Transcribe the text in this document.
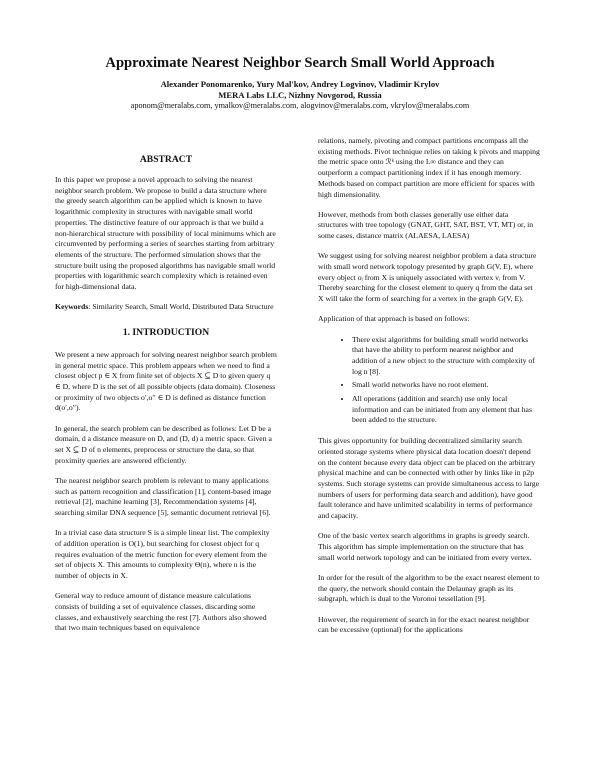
Approximate Nearest Neighbor Search Small World Approach
Alexander Ponomarenko, Yury Mal'kov, Andrey Logvinov, Vladimir Krylov
MERA Labs LLC, Nizhny Novgorod, Russia
aponom@meralabs.com, ymalkov@meralabs.com, alogvinov@meralabs.com, vkrylov@meralabs.com
ABSTRACT

In this paper we propose a novel approach to solving the nearest neighbor search problem. We propose to build a data structure where the greedy search algorithm can be applied which is known to have logarithmic complexity in structures with navigable small world properties. The distinctive feature of our approach is that we build a non-hierarchical structure with possibility of local minimums which are circumvented by performing a series of searches starting from arbitrary elements of the structure. The performed simulation shows that the structure built using the proposed algorithms has navigable small world properties with logarithmic search complexity which is retained even for high-dimensional data.

Keywords: Similarity Search, Small World, Distributed Data Structure

1. INTRODUCTION

We present a new approach for solving nearest neighbor search problem in general metric space. This problem appears when we need to find a closest object p ∈ X from finite set of objects X ⊆ D to given query q ∈ D, where D is the set of all possible objects (data domain). Closeness or proximity of two objects o′,o′′ ∈ D is defined as distance function d(o′,o′′).

In general, the search problem can be described as follows: Let D be a domain, d a distance measure on D, and (D, d) a metric space. Given a set X ⊆ D of n elements, preprocess or structure the data, so that proximity queries are answered efficiently.

The nearest neighbor search problem is relevant to many applications such as pattern recognition and classification [1], content-based image retrieval [2], machine learning [3], Recommendation systems [4], searching similar DNA sequence [5], semantic document retrieval [6].

In a trivial case data structure S is a simple linear list. The complexity of addition operation is O(1), but searching for closest object for q requires evaluation of the metric function for every element from the set of objects X. This amounts to complexity Θ(n), where n is the number of objects in X.

General way to reduce amount of distance measure calculations consists of building a set of equivalence classes, discarding some classes, and exhaustively searching the rest [7]. Authors also showed that two main techniques based on equivalence

relations, namely, pivoting and compact partitions encompass all the existing methods. Pivot technique relies on taking k pivots and mapping the metric space onto ℛᵏ using the L∞ distance and they can outperform a compact partitioning index if it has enough memory. Methods based on compact partition are more efficient for spaces with high dimensionality.

However, methods from both classes generally use either data structures with tree topology (GNAT, GHT, SAT, BST, VT, MT) or, in some cases, distance matrix (ALAESA, LAESA)

We suggest using for solving nearest neighbor problem a data structure with small word network topology presented by graph G(V, E), where every object oᵢ from X is uniquely associated with vertex vᵢ from V. Thereby searching for the closest element to query q from the data set X will take the form of searching for a vertex in the graph G(V, E).

Application of that approach is based on follows:

• There exist algorithms for building small world networks that have the ability to perform nearest neighbor and addition of a new object to the structure with complexity of log n [8].
• Small world networks have no root element.
• All operations (addition and search) use only local information and can be initiated from any element that has been added to the structure.

This gives opportunity for building decentralized similarity search oriented storage systems where physical data location doesn't depend on the content because every data object can be placed on the arbitrary physical machine and can be connected with other by links like in p2p systems. Such storage systems can provide simultaneous access to large numbers of users for performing data search and addition), have good fault tolerance and have unlimited scalability in terms of performance and capacity.

One of the basic vertex search algorithms in graphs is greedy search. This algorithm has simple implementation on the structure that has small world network topology and can be initiated from every vertex.

In order for the result of the algorithm to be the exact nearest element to the query, the network should contain the Delaunay graph as its subgraph, which is dual to the Voronoi tessellation [9].

However, the requirement of search in for the exact nearest neighbor can be excessive (optional) for the applications
